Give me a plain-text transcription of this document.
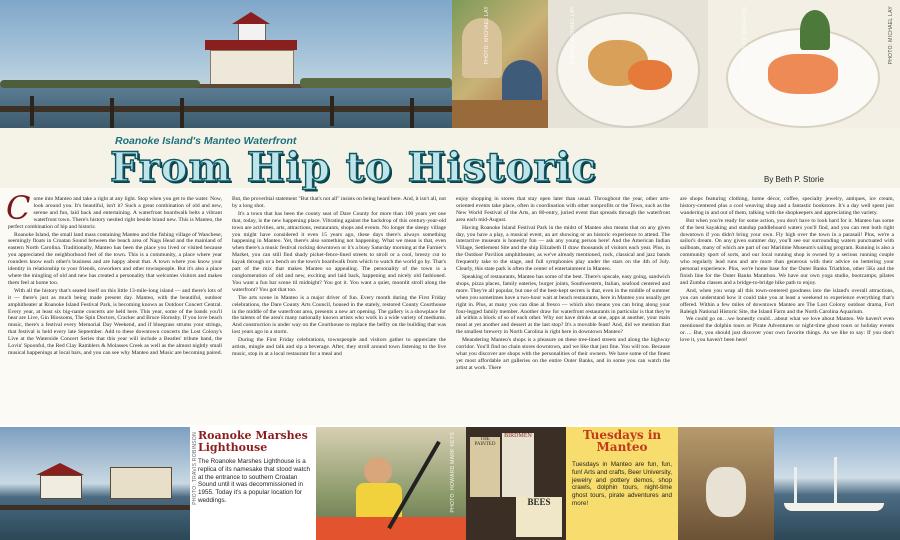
PHOTO: MICHAEL LAY	PHOTO: MICHAEL LAY	PHOTO: KRISTI MIDGETTE	PHOTO: MICHAEL LAY
Roanoke Island's Manteo Waterfront
From Hip to Historic	By Beth P. Storie

Come into Manteo and take a right at any light. Stop when you get to the water. Now, look around you. It's beautiful, isn't it? Such a great combination of old and new, serene and fun, laid back and entertaining. A waterfront boardwalk belts a vibrant waterfront town. There's history nestled right beside brand new. This is Manteo, the perfect combination of hip and historic.

Roanoke Island, the small land mass containing Manteo and the fishing village of Wanchese, seemingly floats in Croatan Sound between the beach area of Nags Head and the mainland of eastern North Carolina. Traditionally, Manteo has been the place you lived or visited because you appreciated the neighborhood feel of the town. This is a community, a place where year rounders know each other's business and are happy about that. A town where you know your identity in relationship to your friends, coworkers and other townspeople. But it's also a place where the mingling of old and new has created a personality that welcomes visitors and makes them feel at home too.

With all the history that's seated itself on this little 13-mile-long island — and there's lots of it — there's just as much being made present day. Manteo, with the beautiful, outdoor amphitheater at Roanoke Island Festival Park, is becoming known as Outdoor Concert Central. Every year, at least six big-name concerts are held here. This year, some of the bands you'll hear are Live, Gin Blossoms, The Spin Doctors, Cracker and Bruce Hornsby. If you love beach music, there's a festival every Memorial Day Weekend, and if bluegrass strums your strings, that festival is held every late September. Add to these downtown concerts the Lost Colony's Live at the Waterside Concert Series that this year will include a Beatles' tribute band, the Lovin' Spoonful, the Red Clay Ramblers & Molasses Creek as well as the almost nightly small musical happenings at local bars, and you can see why Manteo and Music are becoming paired.

But, the proverbial statement "But that's not all" insists on being heard here. And, it isn't all, not by a long shot.

It's a town that has been the county seat of Dare County for more than 100 years yet one that, today, is the new happening place. Vibrating against the backdrop of this century-year-old town are activities, arts, attractions, restaurants, shops and events. No longer the sleepy village you might have considered it even 15 years ago, these days there's always something happening in Manteo. Yet, there's also something not happening. What we mean is that, even when there's a music festival rocking downtown or it's a busy Saturday morning at the Farmer's Market, you can still find shady picket-fence-lined streets to stroll or a cool, breezy cut to kayak through or a bench on the town's boardwalk from which to watch the world go by. That's part of the mix that makes Manteo so appealing. The personality of the town is a conglomeration of old and new, exciting and laid back, happening and nicely old fashioned. You want a fun bar scene til midnight? You got it. You want a quiet, moonlit stroll along the waterfront? You got that too.

The arts scene in Manteo is a major driver of fun. Every month during the First Friday celebrations, the Dare County Arts Council, housed in the stately, restored County Courthouse in the middle of the waterfront area, presents a new art opening. The gallery is a showplace for the talents of the area's many nationally known artists who work in a wide variety of mediums. And construction is under way on the Courthouse to replace the belfry on the building that was lost years ago in a storm.

During the First Friday celebrations, townspeople and visitors gather to appreciate the artists, mingle and talk and sip a beverage. After, they stroll around town listening to the live music, stop in at a local restaurant for a meal and

enjoy shopping in stores that stay open later than usual. Throughout the year, other arts-oriented events take place, often in coordination with other nonprofits or the Town, such as the New World Festival of the Arts, an 80-entry, juried event that spreads through the waterfront area each mid-August.

Having Roanoke Island Festival Park in the midst of Manteo also means that on any given day, you have a play, a musical event, an art showing or an historic experience to attend. The interactive museum is honestly fun — ask any young person here! And the American Indian Village, Settlement Site and the ship Elizabeth II draw thousands of visitors each year. Plus, in the Outdoor Pavilion amphitheater, as we've already mentioned, rock, classical and jazz bands frequently take to the stage, and full symphonies play under the stars on the 4th of July. Clearly, this state park is often the center of entertainment in Manteo.

Speaking of restaurants, Manteo has some of the best. There's upscale, easy going, sandwich shops, pizza places, family eateries, burger joints, Southwestern, Italian, seafood centered and more. They're all popular, but one of the best-kept secrets is that, even in the middle of summer when you sometimes have a two-hour wait at beach restaurants, here in Manteo you usually get right in. Plus, at many you can dine al fresco — which also means you can bring along your four-legged family member. Another draw for waterfront restaurants in particular is that they're all within a block of so of each other. Why not have drinks at one, apps at another, your main meal at yet another and dessert at the last stop? It's a movable feast! And, did we mention that the smallest brewery in North Carolina is right here in downtown Manteo?

Meandering Manteo's shops is a pleasure on these tree-lined streets and along the highway corridor. You'll find no chain stores downtown, and we like that just fine. You will too. Because what you discover are shops with the personalities of their owners. We have some of the finest yet most affordable art galleries on the entire Outer Banks, and in some you can watch the artist at work. There

are shops featuring clothing, home décor, coffee, specialty jewelry, antiques, ice cream, history-centered plus a cool weaving shop and a fantastic bookstore. It's a day well spent just wandering in and out of them, talking with the shopkeepers and appreciating the variety.

But when you're ready for some action, you don't have to look hard for it. Manteo has some of the best kayaking and standup paddleboard waters you'll find, and you can rent both right downtown if you didn't bring your own. Fly high over the town in a parasail! Plus, we're a sailor's dream. On any given summer day, you'll see our surrounding waters punctuated with sailboats, many of which are part of our Maritime Museum's sailing program. Running is also a community sport of sorts, and our local running shop is owned by a serious running couple who regularly lead runs and are more than generous with their advice on bettering your personal experience. Plus, we're home base for the Outer Banks Triathlon, other 5Ks and the finish line for the Outer Banks Marathon. We have our own yoga studio, bootcamps, pilates and Zumba classes and a bridge-to-bridge bike path to enjoy.

And, when you wrap all this town-centered goodness into the island's overall attractions, you can understand how it could take you at least a weekend to experience everything that's offered. Within a few miles of downtown Manteo are The Lost Colony outdoor drama, Fort Raleigh National Historic Site, the Island Farm and the North Carolina Aquarium.

We could go on…we honestly could…about what we love about Manteo. We haven't even mentioned the dolphin tours or Pirate Adventures or night-time ghost tours or holiday events or…. But, you should just discover your own favorite things. As we like to say: If you don't love it, you haven't been here!

PHOTO: TRAVIS ROBINSON Roanoke Marshes Lighthouse
The Roanoke Marshes Lighthouse is a replica of its namesake that stood watch at the entrance to southern Croatan Sound until it was decommissioned in 1955. Today it's a popular location for weddings.	PHOTO: HOWARD MARK KEYS	THE PAINTED
BIRDMEN
BEES
Tuesdays in Manteo
Tuesdays in Manteo are fun, fun, fun! Arts and crafts, Beer University, jewelry and pottery demos, shop crawls, dolphin tours, night-time ghost tours, pirate adventures and more!
